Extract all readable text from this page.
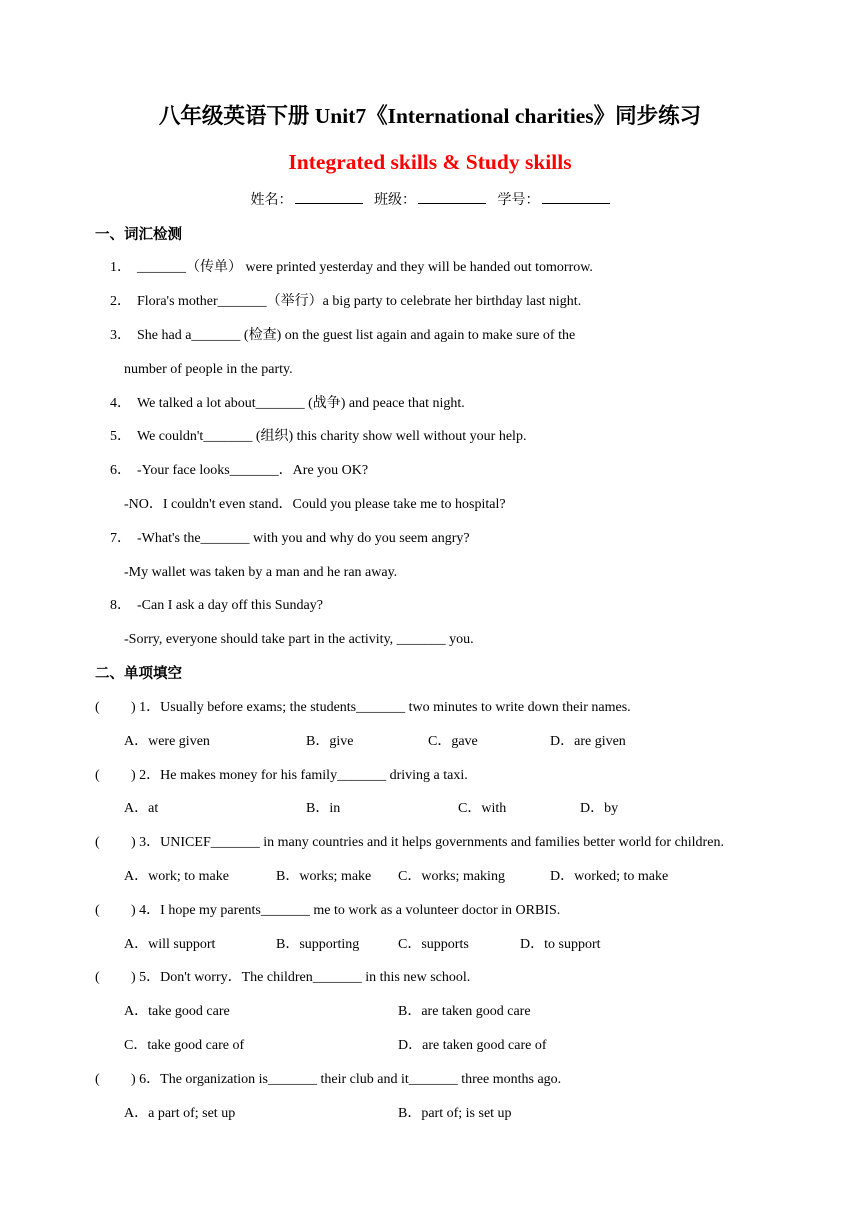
八年级英语下册 Unit7《International charities》同步练习
Integrated skills & Study skills
姓名：	班级：	学号：
一、词汇检测
1． _______（传单） were printed yesterday and they will be handed out tomorrow.
2． Flora's mother_______（举行）a big party to celebrate her birthday last night.
3． She had a_______ (检查) on the guest list again and again to make sure of the
number of people in the party.
4． We talked a lot about_______ (战争) and peace that night.
5． We couldn't_______ (组织) this charity show well without your help.
6． -Your face looks_______．Are you OK?
-NO．I couldn't even stand．Could you please take me to hospital?
7． -What's the_______ with you and why do you seem angry?
-My wallet was taken by a man and he ran away.
8． -Can I ask a day off this Sunday?
-Sorry, everyone should take part in the activity, _______ you.
二、单项填空
( ) 1．Usually before exams; the students_______ two minutes to write down their names.
A．were given	B．give	C．gave	D．are given
( ) 2．He makes money for his family_______ driving a taxi.
A．at	B．in	C．with	D．by
( ) 3．UNICEF_______ in many countries and it helps governments and families better world for children.
A．work; to make	B．works; make C．works; making	D．worked; to make
( ) 4．I hope my parents_______ me to work as a volunteer doctor in ORBIS.
A．will support	B．supporting	C．supports	D．to support
( ) 5．Don't worry．The children_______ in this new school.
A．take good care	B．are taken good care
C．take good care of	D．are taken good care of
( ) 6．The organization is_______ their club and it_______ three months ago.
A．a part of; set up	B．part of; is set up
